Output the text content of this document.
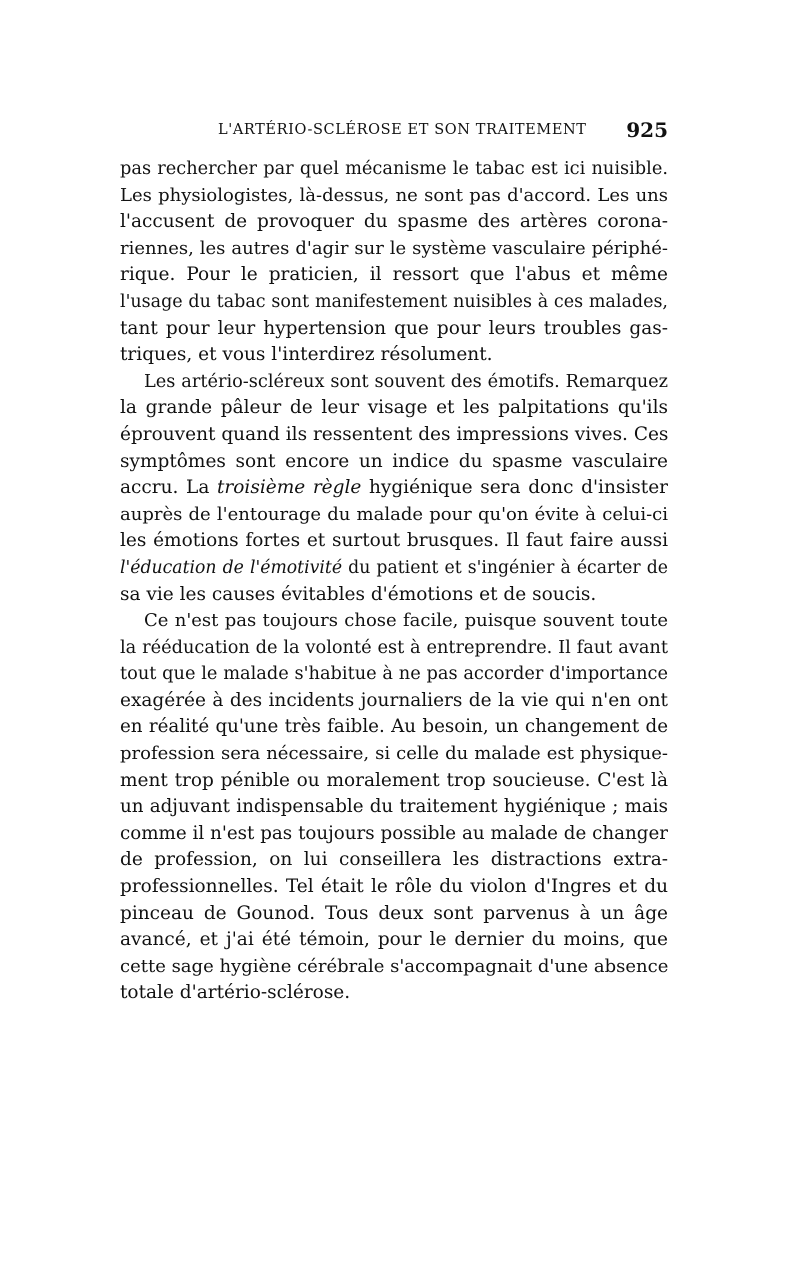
L'ARTÉRIO-SCLÉROSE ET SON TRAITEMENT 925
pas rechercher par quel mécanisme le tabac est ici nuisible.
Les physiologistes, là-dessus, ne sont pas d'accord. Les uns
l'accusent de provoquer du spasme des artères corona-
riennes, les autres d'agir sur le système vasculaire périphé-
rique. Pour le praticien, il ressort que l'abus et même
l'usage du tabac sont manifestement nuisibles à ces malades,
tant pour leur hypertension que pour leurs troubles gas-
triques, et vous l'interdirez résolument.
Les artério-scléreux sont souvent des émotifs. Remarquez
la grande pâleur de leur visage et les palpitations qu'ils
éprouvent quand ils ressentent des impressions vives. Ces
symptômes sont encore un indice du spasme vasculaire
accru. La troisième règle hygiénique sera donc d'insister
auprès de l'entourage du malade pour qu'on évite à celui-ci
les émotions fortes et surtout brusques. Il faut faire aussi
l'éducation de l'émotivité du patient et s'ingénier à écarter de
sa vie les causes évitables d'émotions et de soucis.
Ce n'est pas toujours chose facile, puisque souvent toute
la rééducation de la volonté est à entreprendre. Il faut avant
tout que le malade s'habitue à ne pas accorder d'importance
exagérée à des incidents journaliers de la vie qui n'en ont
en réalité qu'une très faible. Au besoin, un changement de
profession sera nécessaire, si celle du malade est physique-
ment trop pénible ou moralement trop soucieuse. C'est là
un adjuvant indispensable du traitement hygiénique ; mais
comme il n'est pas toujours possible au malade de changer
de profession, on lui conseillera les distractions extra-
professionnelles. Tel était le rôle du violon d'Ingres et du
pinceau de Gounod. Tous deux sont parvenus à un âge
avancé, et j'ai été témoin, pour le dernier du moins, que
cette sage hygiène cérébrale s'accompagnait d'une absence
totale d'artério-sclérose.
